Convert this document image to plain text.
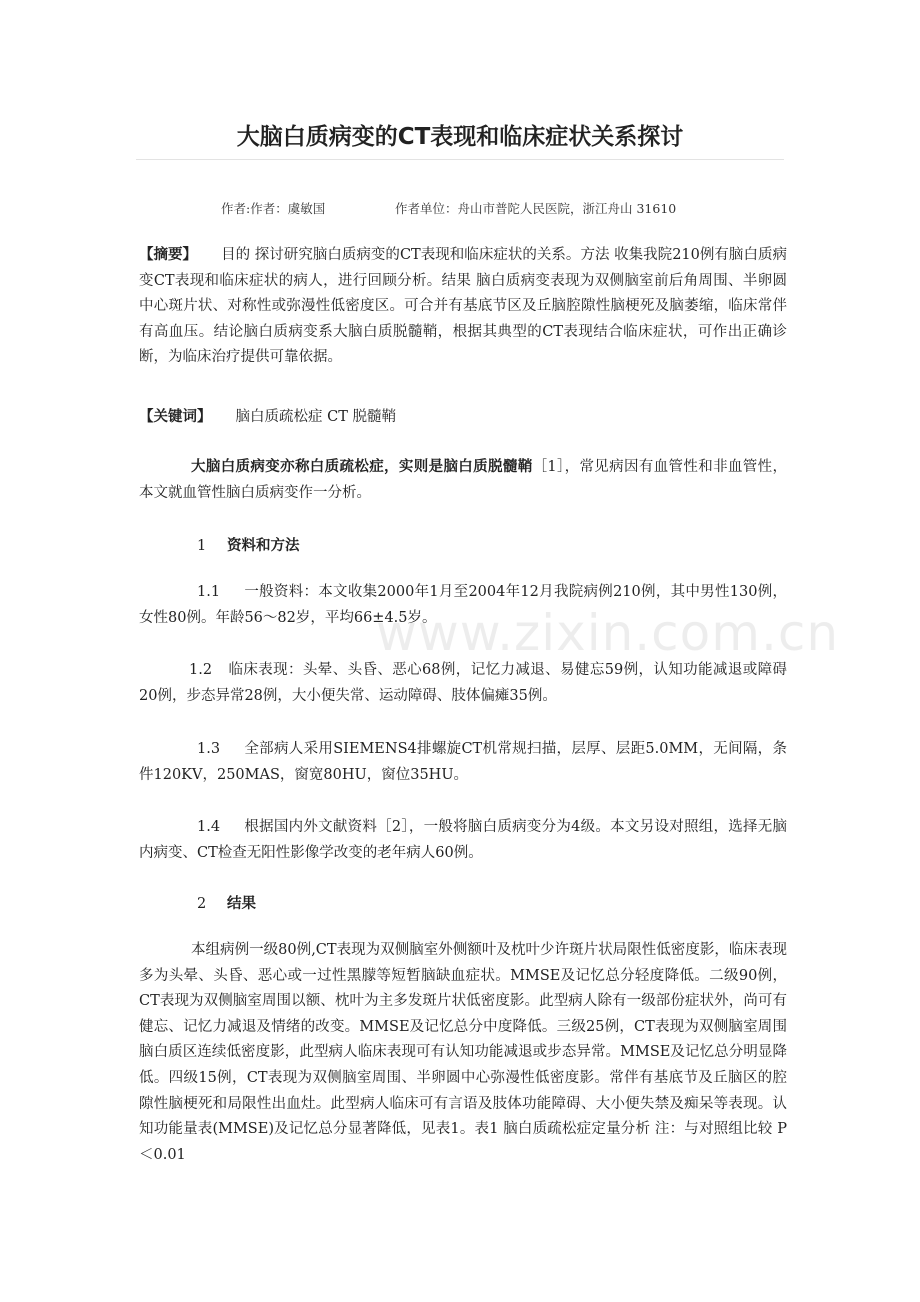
大脑白质病变的CT表现和临床症状关系探讨
作者:作者：虞敏国	作者单位：舟山市普陀人民医院，浙江舟山 31610
【摘要】 目的 探讨研究脑白质病变的CT表现和临床症状的关系。方法 收集我院210例有脑白质病变CT表现和临床症状的病人，进行回顾分析。结果 脑白质病变表现为双侧脑室前后角周围、半卵圆中心斑片状、对称性或弥漫性低密度区。可合并有基底节区及丘脑腔隙性脑梗死及脑萎缩，临床常伴有高血压。结论脑白质病变系大脑白质脱髓鞘，根据其典型的CT表现结合临床症状，可作出正确诊断，为临床治疗提供可靠依据。
【关键词】 脑白质疏松症 CT 脱髓鞘
大脑白质病变亦称白质疏松症，实则是脑白质脱髓鞘［1］，常见病因有血管性和非血管性，本文就血管性脑白质病变作一分析。
1 资料和方法
1.1 一般资料：本文收集2000年1月至2004年12月我院病例210例，其中男性130例，女性80例。年龄56～82岁，平均66±4.5岁。
1.2 临床表现：头晕、头昏、恶心68例，记忆力减退、易健忘59例，认知功能减退或障碍20例，步态异常28例，大小便失常、运动障碍、肢体偏瘫35例。
1.3 全部病人采用SIEMENS4排螺旋CT机常规扫描，层厚、层距5.0MM，无间隔，条件120KV，250MAS，窗宽80HU，窗位35HU。
1.4 根据国内外文献资料［2］，一般将脑白质病变分为4级。本文另设对照组，选择无脑内病变、CT检查无阳性影像学改变的老年病人60例。
2 结果
本组病例一级80例,CT表现为双侧脑室外侧额叶及枕叶少许斑片状局限性低密度影，临床表现多为头晕、头昏、恶心或一过性黑朦等短暂脑缺血症状。MMSE及记忆总分轻度降低。二级90例，CT表现为双侧脑室周围以额、枕叶为主多发斑片状低密度影。此型病人除有一级部份症状外，尚可有健忘、记忆力减退及情绪的改变。MMSE及记忆总分中度降低。三级25例，CT表现为双侧脑室周围脑白质区连续低密度影，此型病人临床表现可有认知功能减退或步态异常。MMSE及记忆总分明显降低。四级15例，CT表现为双侧脑室周围、半卵圆中心弥漫性低密度影。常伴有基底节及丘脑区的腔隙性脑梗死和局限性出血灶。此型病人临床可有言语及肢体功能障碍、大小便失禁及痴呆等表现。认知功能量表(MMSE)及记忆总分显著降低，见表1。表1 脑白质疏松症定量分析 注：与对照组比较 P＜0.01
www.zixin.com.cn
